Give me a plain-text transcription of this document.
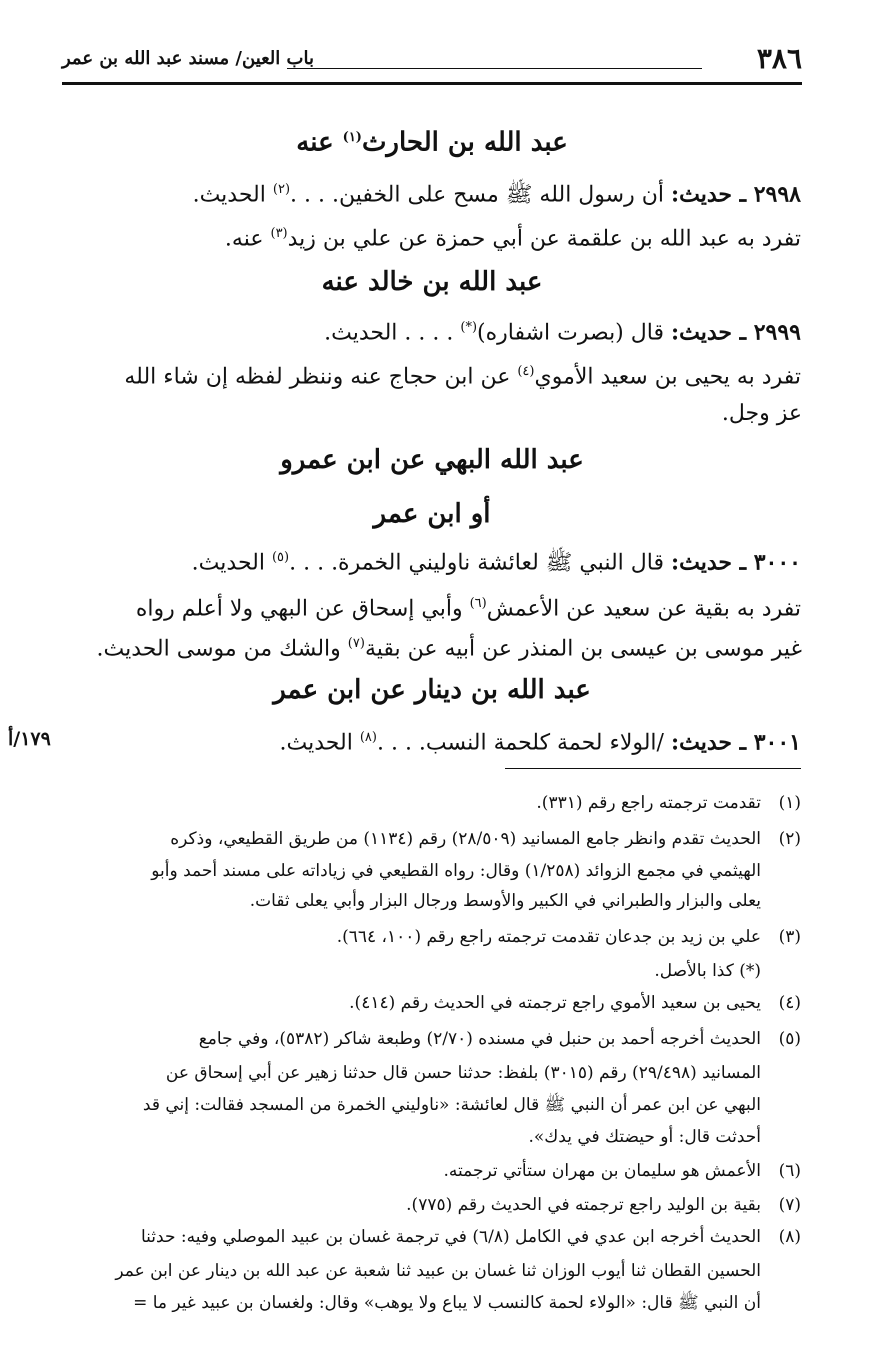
٣٨٦
باب العين/ مسند عبد الله بن عمر
عبد الله بن الحارث$^{(١)}$ عنه
٢٩٩٨ ـ حديث: أن رسول الله ﷺ مسح على الخفين. . . .$^{(٢)}$ الحديث.
تفرد به عبد الله بن علقمة عن أبي حمزة عن علي بن زيد$^{(٣)}$ عنه.
عبد الله بن خالد عنه
٢٩٩٩ ـ حديث: قال (بصرت اشفاره)(*) . . . . الحديث.
تفرد به يحيى بن سعيد الأموي$^{(٤)}$ عن ابن حجاج عنه وننظر لفظه إن شاء الله
عز وجل.
عبد الله البهي عن ابن عمرو
أو ابن عمر
٣٠٠٠ ـ حديث: قال النبي ﷺ لعائشة ناوليني الخمرة. . . .$^{(٥)}$ الحديث.
تفرد به بقية عن سعيد عن الأعمش$^{(٦)}$ وأبي إسحاق عن البهي ولا أعلم رواه
غير موسى بن عيسى بن المنذر عن أبيه عن بقية$^{(٧)}$ والشك من موسى الحديث.
عبد الله بن دينار عن ابن عمر
٣٠٠١ ـ حديث: /الولاء لحمة كلحمة النسب. . . .$^{(٨)}$ الحديث.
١٧٩/أ
(١)تقدمت ترجمته راجع رقم (٣٣١).
(٢)الحديث تقدم وانظر جامع المسانيد (٢٨/٥٠٩) رقم (١١٣٤) من طريق القطيعي، وذكره
الهيثمي في مجمع الزوائد (١/٢٥٨) وقال: رواه القطيعي في زياداته على مسند أحمد وأبو
يعلى والبزار والطبراني في الكبير والأوسط ورجال البزار وأبي يعلى ثقات.
(٣)علي بن زيد بن جدعان تقدمت ترجمته راجع رقم (١٠٠، ٦٦٤).
(*) كذا بالأصل.
(٤)يحيى بن سعيد الأموي راجع ترجمته في الحديث رقم (٤١٤).
(٥)الحديث أخرجه أحمد بن حنبل في مسنده (٢/٧٠) وطبعة شاكر (٥٣٨٢)، وفي جامع
المسانيد (٢٩/٤٩٨) رقم (٣٠١٥) بلفظ: حدثنا حسن قال حدثنا زهير عن أبي إسحاق عن
البهي عن ابن عمر أن النبي ﷺ قال لعائشة: «ناوليني الخمرة من المسجد فقالت: إني قد
أحدثت قال: أو حيضتك في يدك».
(٦)الأعمش هو سليمان بن مهران ستأتي ترجمته.
(٧)بقية بن الوليد راجع ترجمته في الحديث رقم (٧٧٥).
(٨)الحديث أخرجه ابن عدي في الكامل (٦/٨) في ترجمة غسان بن عبيد الموصلي وفيه: حدثنا
الحسين القطان ثنا أيوب الوزان ثنا غسان بن عبيد ثنا شعبة عن عبد الله بن دينار عن ابن عمر
أن النبي ﷺ قال: «الولاء لحمة كالنسب لا يباع ولا يوهب» وقال: ولغسان بن عبيد غير ما =
